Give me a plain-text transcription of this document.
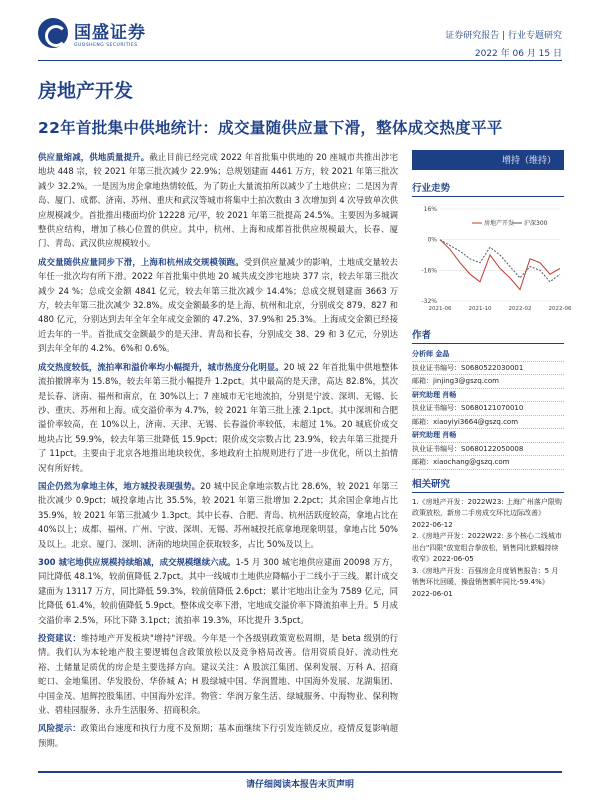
国盛证券
GUOSHENG SECURITIES
证券研究报告 | 行业专题研究
2022 年 06 月 15 日
房地产开发
22年首批集中供地统计：成交量随供应量下滑，整体成交热度平平

供应量缩减，供地质量提升。截止目前已经完成 2022 年首批集中供地的 20 座城市共推出涉宅地块 448 宗，较 2021 年第三批次减少 22.9%；总规划建面 4461 万方，较 2021 年第三批次减少 32.2%。一是因为房企拿地热情较低，为了防止大量流拍所以减少了土地供应；二是因为青岛、厦门、成都、济南、苏州、重庆和武汉等城市将集中土拍次数由 3 次增加到 4 次导致单次供应规模减少。首批推出楼面均价 12228 元/平，较 2021 年第三批提高 24.5%。主要因为多城调整供应结构，增加了核心位置的供应。其中，杭州、上海和成都首批供应规模最大，长春、厦门、青岛、武汉供应规模较小。

成交量随供应量同步下滑，上海和杭州成交规模领跑。受到供应量减少的影响，土地成交量较去年任一批次均有所下滑。2022 年首批集中供地 20 城共成交涉宅地块 377 宗，较去年第三批次减少 24 %；总成交金额 4841 亿元，较去年第三批次减少 14.4%；总成交规划建面 3663 万方，较去年第三批次减少 32.8%。成交金额最多的是上海、杭州和北京，分别成交 879、827 和 480 亿元，分别达到去年全年全年成交金额的 47.2%、37.9%和 25.3%。上海成交金额已经接近去年的一半。首批成交金额最少的是天津、青岛和长春，分别成交 38、29 和 3 亿元，分别达到去年全年的 4.2%、6%和 0.6%。

成交热度较低，流拍率和溢价率均小幅提升，城市热度分化明显。20 城 22 年首批集中供地整体流拍撤牌率为 15.8%，较去年第三批小幅提升 1.2pct。其中最高的是天津，高达 82.8%，其次是长春、济南、福州和南京，在 30%以上；7 座城市无宅地流拍，分别是宁波、深圳、无锡、长沙、重庆、苏州和上海。成交溢价率为 4.7%，较 2021 年第三批上涨 2.1pct。其中深圳和合肥溢价率较高，在 10%以上，济南、天津、无锡、长春溢价率较低，未超过 1%。20 城底价成交地块占比 59.9%，较去年第三批降低 15.9pct；限价成交宗数占比 23.9%，较去年第三批提升了 11pct。主要由于北京各地推出地块较优，多地政府土拍规则进行了进一步优化，所以土拍情况有所好转。

国企仍然为拿地主体，地方城投表现强势。20 城中民企拿地宗数占比 28.6%，较 2021 年第三批次减少 0.9pct；城投拿地占比 35.5%，较 2021 年第三批增加 2.2pct；其余国企拿地占比 35.9%，较 2021 年第三批减少 1.3pct。其中长春、合肥、青岛、杭州活跃度较高，拿地占比在 40%以上；成都、福州、广州、宁波、深圳、无锡、苏州城投托底拿地现象明显，拿地占比 50%及以上。北京、厦门、深圳、济南的地块国企获取较多，占比 50%及以上。

300 城宅地供应规模持续缩减，成交规模继续六成。1-5 月 300 城宅地供应建面 20098 万方，同比降低 48.1%，较前值降低 2.7pct。其中一线城市土地供应降幅小于二线小于三线。累计成交建面为 13117 万方，同比降低 59.3%，较前值降低 2.6pct；累计宅地出让金为 7589 亿元，同比降低 61.4%，较前值降低 5.9pct。整体成交率下滑，宅地成交溢价率下降流拍率上升。5 月成交溢价率 2.5%，环比下降 3.1pct；流拍率 19.3%，环比提升 3.5pct。

投资建议：维持地产开发板块"增持"评级。今年是一个各级别政策宽松周期，是 beta 级别的行情。我们认为本轮地产股主要逻辑包含政策放松以及竞争格局改善。信用资质良好、流动性充裕、土储量足质优的房企是主要选择方向。建议关注：A 股滨江集团、保利发展、万科 A、招商蛇口、金地集团、华发股份、华侨城 A；H 股绿城中国、华润置地、中国海外发展、龙湖集团、中国金茂、旭辉控股集团、中国海外宏洋。物管：华润万象生活、绿城服务、中海物业、保利物业、碧桂园服务、永升生活服务、招商积余。

风险提示：政策出台速度和执行力度不及预期；基本面继续下行引发连锁反应，疫情反复影响超预期。

增持（维持）
行业走势
16%
0%
-16%
-32%
2021-06	2021-10	2022-02	2022-06
房地产开发 沪深300
作者
分析师 金晶
执业证书编号：S0680522030001
邮箱：jinjing3@gszq.com
研究助理 肖畅
执业证书编号：S0680121070010
邮箱：xiaoyiyi3664@gszq.com
研究助理 肖畅
执业证书编号：S0680122050008
邮箱：xiaochang@gszq.com
相关研究
1.《房地产开发：2022W23: 上海广州落户限购政策放松，新房二手房成交环比边际改善》2022-06-12
2.《房地产开发：2022W22: 多个核心二线城市出台"四限"放宽组合拳放松，销售同比跌幅持续收窄》2022-06-05
3.《房地产开发：百强房企月度销售报告：5 月销售环比回暖，操盘销售额年同比-59.4%》2022-06-01
请仔细阅读本报告末页声明
